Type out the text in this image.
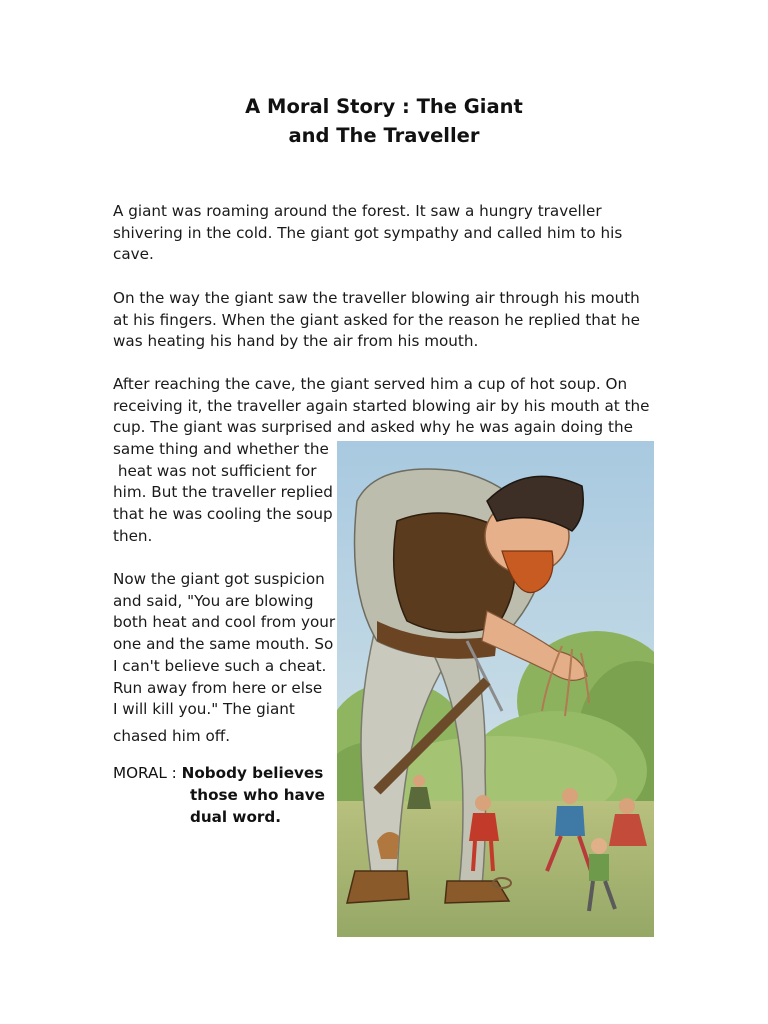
A Moral Story : The Giant
and The Traveller
A giant was roaming around the forest. It saw a hungry traveller
shivering in the cold. The giant got sympathy and called him to his
cave.
On the way the giant saw the traveller blowing air through his mouth
at his fingers. When the giant asked for the reason he replied that he
was heating his hand by the air from his mouth.
After reaching the cave, the giant served him a cup of hot soup. On
receiving it, the traveller again started blowing air by his mouth at the
cup. The giant was surprised and asked why he was again doing the
same thing and whether the
heat was not sufficient for
him. But the traveller replied
that he was cooling the soup
then.
Now the giant got suspicion
and said, "You are blowing
both heat and cool from your
one and the same mouth. So
I can't believe such a cheat.
Run away from here or else
I will kill you." The giant
chased him off.
MORAL : Nobody believes
those who have
dual word.
